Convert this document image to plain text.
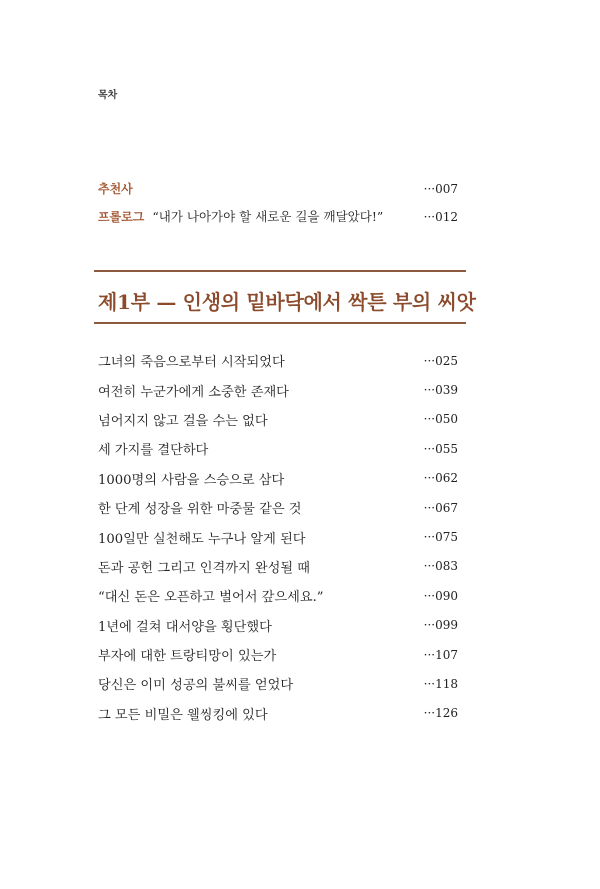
목차
추천사	···007
프롤로그 “내가 나아가야 할 새로운 길을 깨달았다!”	···012
제1부 — 인생의 밑바닥에서 싹튼 부의 씨앗
그녀의 죽음으로부터 시작되었다	···025
여전히 누군가에게 소중한 존재다	···039
넘어지지 않고 걸을 수는 없다	···050
세 가지를 결단하다	···055
1000명의 사람을 스승으로 삼다	···062
한 단계 성장을 위한 마중물 같은 것	···067
100일만 실천해도 누구나 알게 된다	···075
돈과 공헌 그리고 인격까지 완성될 때	···083
“대신 돈은 오픈하고 벌어서 갚으세요.”	···090
1년에 걸쳐 대서양을 횡단했다	···099
부자에 대한 트랑티망이 있는가	···107
당신은 이미 성공의 불씨를 얻었다	···118
그 모든 비밀은 웰씽킹에 있다	···126
